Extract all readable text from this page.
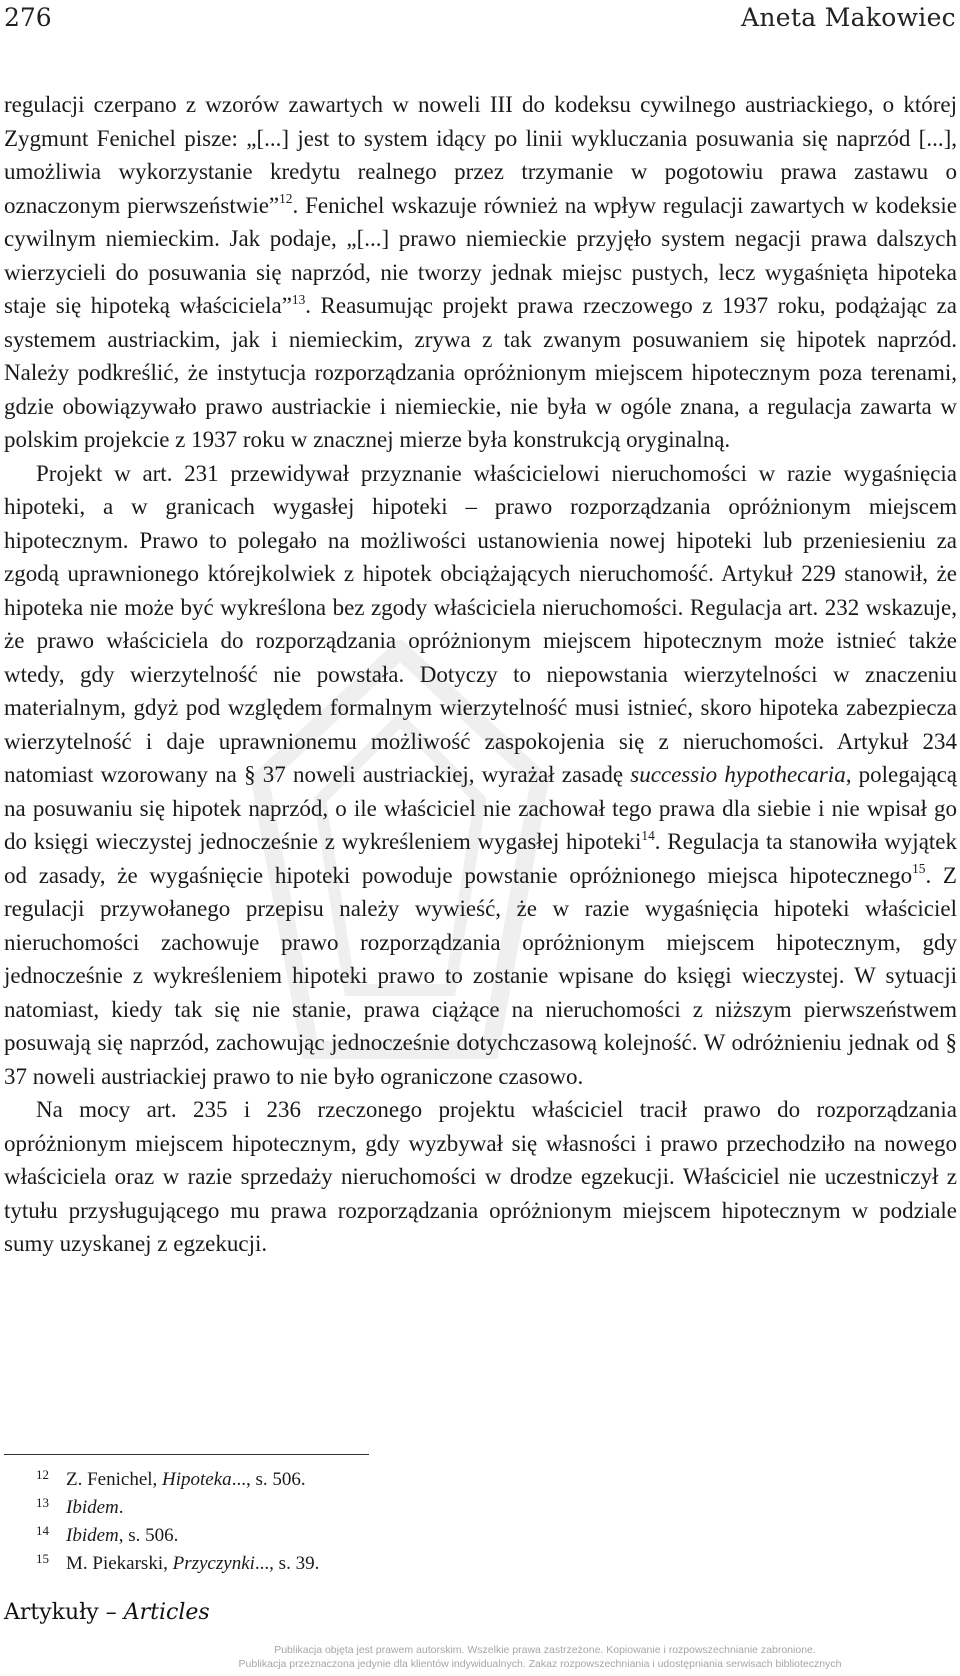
276	Aneta Makowiec

regulacji czerpano z wzorów zawartych w noweli III do kodeksu cywilnego austriackiego, o której Zygmunt Fenichel pisze: „[...] jest to system idący po linii wykluczania posuwania się naprzód [...], umożliwia wykorzystanie kredytu realnego przez trzymanie w pogotowiu prawa zastawu o oznaczonym pierwszeństwie”$^{12}$. Fenichel wskazuje również na wpływ regulacji zawartych w kodeksie cywilnym niemieckim. Jak podaje, „[...] prawo niemieckie przyjęło system negacji prawa dalszych wierzycieli do posuwania się naprzód, nie tworzy jednak miejsc pustych, lecz wygaśnięta hipoteka staje się hipoteką właściciela”$^{13}$. Reasumując projekt prawa rzeczowego z 1937 roku, podążając za systemem austriackim, jak i niemieckim, zrywa z tak zwanym posuwaniem się hipotek naprzód. Należy podkreślić, że instytucja rozporządzania opróżnionym miejscem hipotecznym poza terenami, gdzie obowiązywało prawo austriackie i niemieckie, nie była w ogóle znana, a regulacja zawarta w polskim projekcie z 1937 roku w znacznej mierze była konstrukcją oryginalną.

Projekt w art. 231 przewidywał przyznanie właścicielowi nieruchomości w razie wygaśnięcia hipoteki, a w granicach wygasłej hipoteki – prawo rozporządzania opróżnionym miejscem hipotecznym. Prawo to polegało na możliwości ustanowienia nowej hipoteki lub przeniesieniu za zgodą uprawnionego którejkolwiek z hipotek obciążających nieruchomość. Artykuł 229 stanowił, że hipoteka nie może być wykreślona bez zgody właściciela nieruchomości. Regulacja art. 232 wskazuje, że prawo właściciela do rozporządzania opróżnionym miejscem hipotecznym może istnieć także wtedy, gdy wierzytelność nie powstała. Dotyczy to niepowstania wierzytelności w znaczeniu materialnym, gdyż pod względem formalnym wierzytelność musi istnieć, skoro hipoteka zabezpiecza wierzytelność i daje uprawnionemu możliwość zaspokojenia się z nieruchomości. Artykuł 234 natomiast wzorowany na § 37 noweli austriackiej, wyrażał zasadę successio hypothecaria, polegającą na posuwaniu się hipotek naprzód, o ile właściciel nie zachował tego prawa dla siebie i nie wpisał go do księgi wieczystej jednocześnie z wykreśleniem wygasłej hipoteki$^{14}$. Regulacja ta stanowiła wyjątek od zasady, że wygaśnięcie hipoteki powoduje powstanie opróżnionego miejsca hipotecznego$^{15}$. Z regulacji przywołanego przepisu należy wywieść, że w razie wygaśnięcia hipoteki właściciel nieruchomości zachowuje prawo rozporządzania opróżnionym miejscem hipotecznym, gdy jednocześnie z wykreśleniem hipoteki prawo to zostanie wpisane do księgi wieczystej. W sytuacji natomiast, kiedy tak się nie stanie, prawa ciążące na nieruchomości z niższym pierwszeństwem posuwają się naprzód, zachowując jednocześnie dotychczasową kolejność. W odróżnieniu jednak od § 37 noweli austriackiej prawo to nie było ograniczone czasowo.

Na mocy art. 235 i 236 rzeczonego projektu właściciel tracił prawo do rozporządzania opróżnionym miejscem hipotecznym, gdy wyzbywał się własności i prawo przechodziło na nowego właściciela oraz w razie sprzedaży nieruchomości w drodze egzekucji. Właściciel nie uczestniczył z tytułu przysługującego mu prawa rozporządzania opróżnionym miejscem hipotecznym w podziale sumy uzyskanej z egzekucji.

12 Z. Fenichel, Hipoteka..., s. 506.
13 Ibidem.
14 Ibidem, s. 506.
15 M. Piekarski, Przyczynki..., s. 39.
Artykuły – Articles
Publikacja objęta jest prawem autorskim. Wszelkie prawa zastrzeżone. Kopiowanie i rozpowszechnianie zabronione.
Publikacja przeznaczona jedynie dla klientów indywidualnych. Zakaz rozpowszechniania i udostępniania serwisach bibliotecznych
